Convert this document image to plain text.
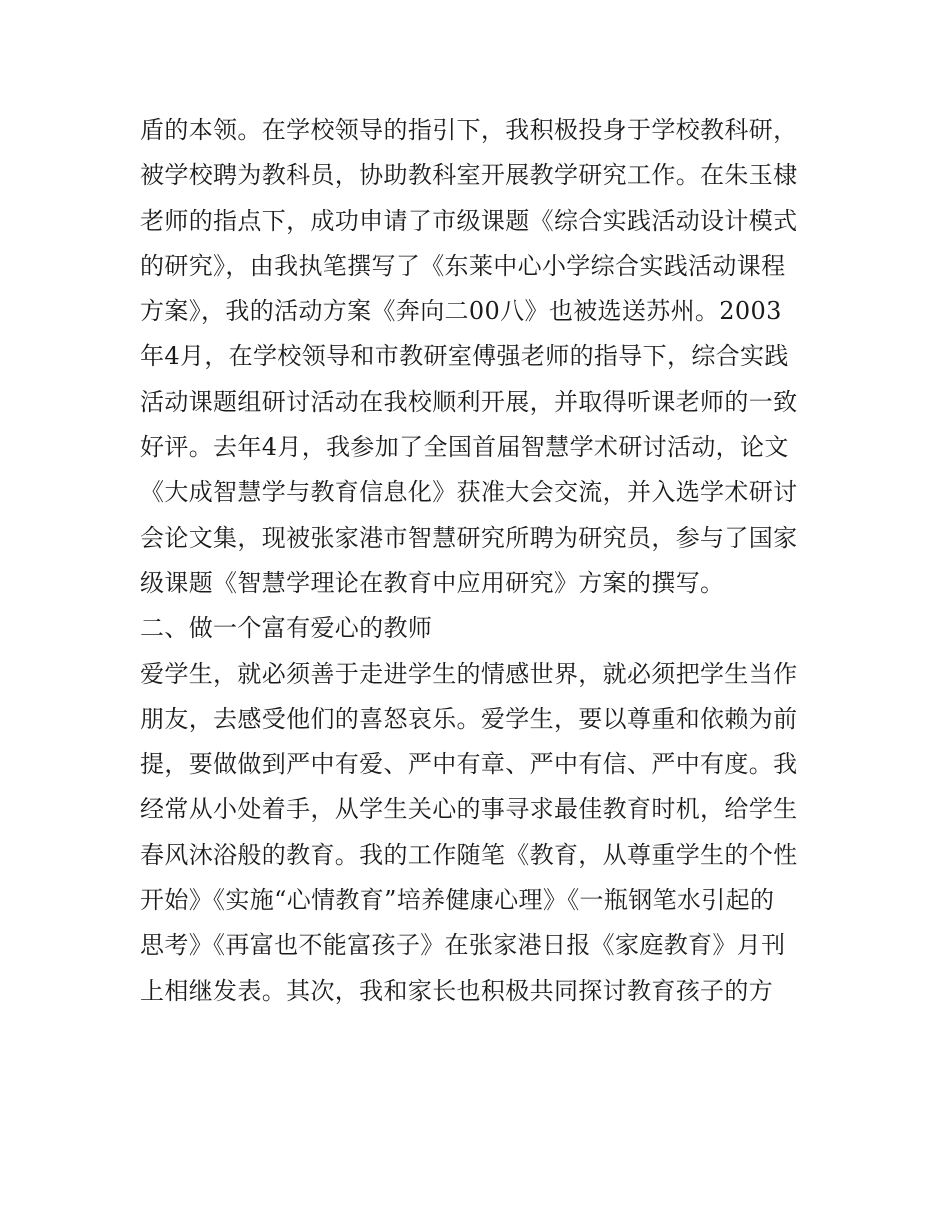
盾的本领。在学校领导的指引下，我积极投身于学校教科研，
被学校聘为教科员，协助教科室开展教学研究工作。在朱玉棣
老师的指点下，成功申请了市级课题《综合实践活动设计模式
的研究》，由我执笔撰写了《东莱中心小学综合实践活动课程
方案》，我的活动方案《奔向二00八》也被选送苏州。2003
年4月，在学校领导和市教研室傅强老师的指导下，综合实践
活动课题组研讨活动在我校顺利开展，并取得听课老师的一致
好评。去年4月，我参加了全国首届智慧学术研讨活动，论文
《大成智慧学与教育信息化》获准大会交流，并入选学术研讨
会论文集，现被张家港市智慧研究所聘为研究员，参与了国家
级课题《智慧学理论在教育中应用研究》方案的撰写。
二、做一个富有爱心的教师
爱学生，就必须善于走进学生的情感世界，就必须把学生当作
朋友，去感受他们的喜怒哀乐。爱学生，要以尊重和依赖为前
提，要做做到严中有爱、严中有章、严中有信、严中有度。我
经常从小处着手，从学生关心的事寻求最佳教育时机，给学生
春风沐浴般的教育。我的工作随笔《教育，从尊重学生的个性
开始》《实施“心情教育”培养健康心理》《一瓶钢笔水引起的
思考》《再富也不能富孩子》在张家港日报《家庭教育》月刊
上相继发表。其次，我和家长也积极共同探讨教育孩子的方
